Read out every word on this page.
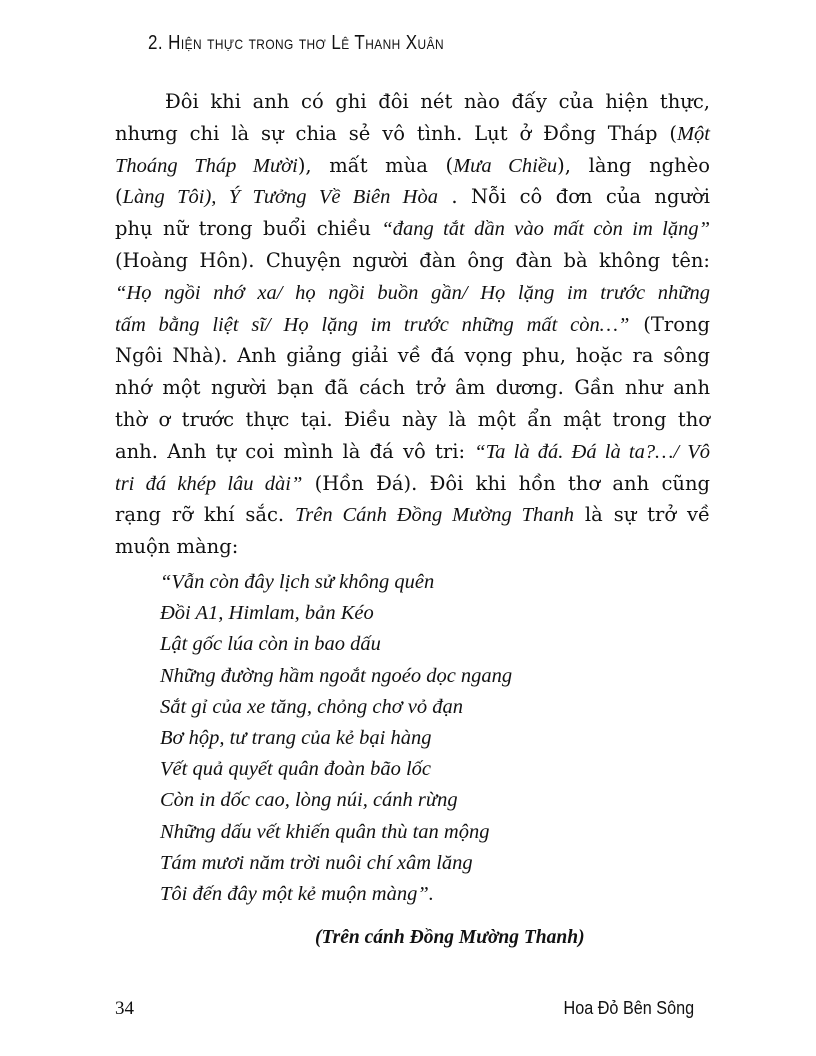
2. Hiện thực trong thơ Lê Thanh Xuân
Đôi khi anh có ghi đôi nét nào đấy của hiện thực,
nhưng chi là sự chia sẻ vô tình. Lụt ở Đồng Tháp (Một
Thoáng Tháp Mười), mất mùa (Mưa Chiều), làng nghèo
(Làng Tôi), Ý Tưởng Về Biên Hòa . Nỗi cô đơn của người
phụ nữ trong buổi chiều “đang tắt dần vào mất còn im lặng”
(Hoàng Hôn). Chuyện người đàn ông đàn bà không tên:
“Họ ngồi nhớ xa/ họ ngồi buồn gần/ Họ lặng im trước những
tấm bằng liệt sĩ/ Họ lặng im trước những mất còn…” (Trong
Ngôi Nhà). Anh giảng giải về đá vọng phu, hoặc ra sông
nhớ một người bạn đã cách trở âm dương. Gần như anh
thờ ơ trước thực tại. Điều này là một ẩn mật trong thơ
anh. Anh tự coi mình là đá vô tri: “Ta là đá. Đá là ta?…/ Vô
tri đá khép lâu dài” (Hồn Đá). Đôi khi hồn thơ anh cũng
rạng rỡ khí sắc. Trên Cánh Đồng Mường Thanh là sự trở về
muộn màng:
“Vẫn còn đây lịch sử không quên
Đồi A1, Himlam, bản Kéo
Lật gốc lúa còn in bao dấu
Những đường hầm ngoắt ngoéo dọc ngang
Sắt gỉ của xe tăng, chỏng chơ vỏ đạn
Bơ hộp, tư trang của kẻ bại hàng
Vết quả quyết quân đoàn bão lốc
Còn in dốc cao, lòng núi, cánh rừng
Những dấu vết khiến quân thù tan mộng
Tám mươi năm trời nuôi chí xâm lăng
Tôi đến đây một kẻ muộn màng”.
(Trên cánh Đồng Mường Thanh)
34	Hoa Đỏ Bên Sông
